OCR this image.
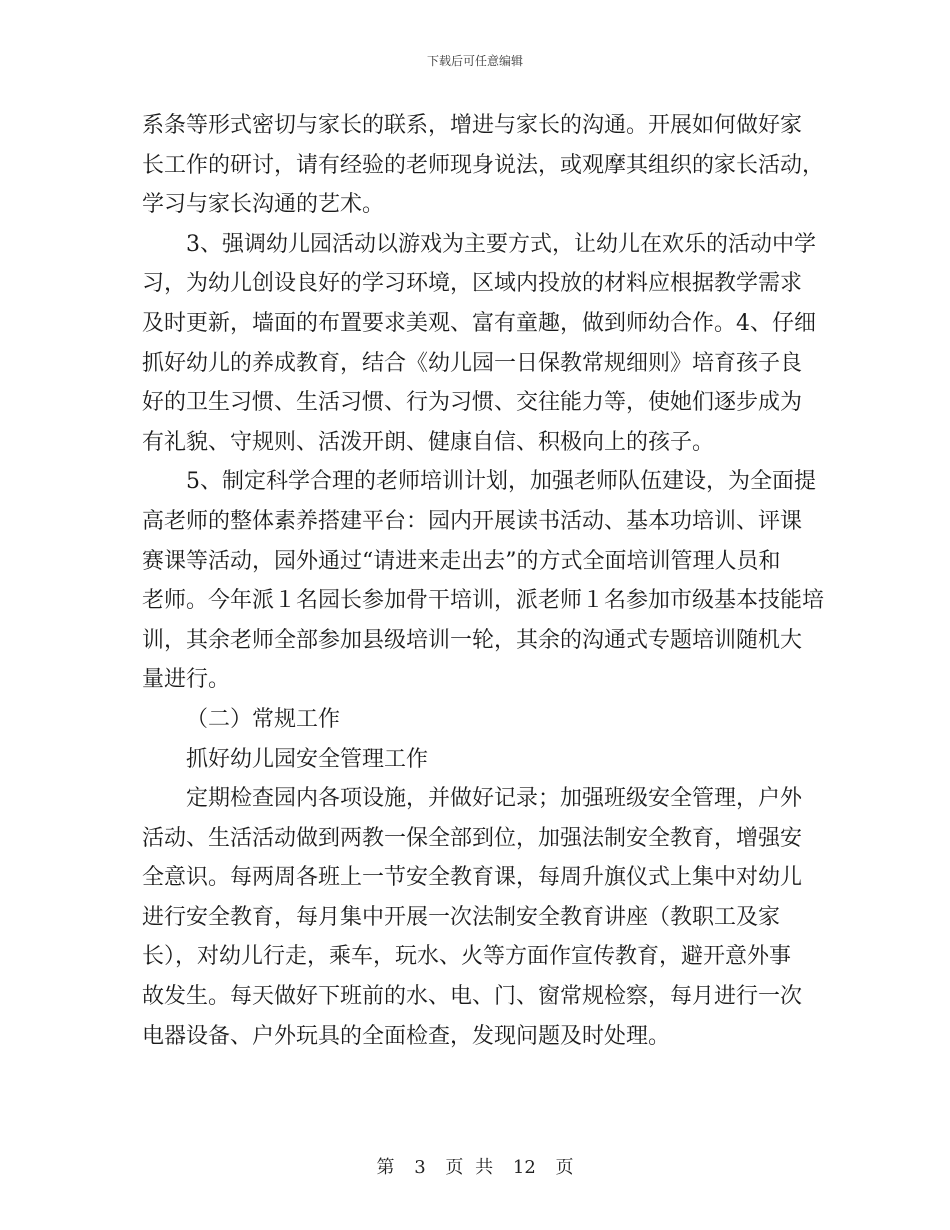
下载后可任意编辑
系条等形式密切与家长的联系，增进与家长的沟通。开展如何做好家
长工作的研讨，请有经验的老师现身说法，或观摩其组织的家长活动，
学习与家长沟通的艺术。
3、强调幼儿园活动以游戏为主要方式，让幼儿在欢乐的活动中学
习，为幼儿创设良好的学习环境，区域内投放的材料应根据教学需求
及时更新，墙面的布置要求美观、富有童趣，做到师幼合作。4、仔细
抓好幼儿的养成教育，结合《幼儿园一日保教常规细则》培育孩子良
好的卫生习惯、生活习惯、行为习惯、交往能力等，使她们逐步成为
有礼貌、守规则、活泼开朗、健康自信、积极向上的孩子。
5、制定科学合理的老师培训计划，加强老师队伍建设，为全面提
高老师的整体素养搭建平台：园内开展读书活动、基本功培训、评课
赛课等活动，园外通过“请进来走出去”的方式全面培训管理人员和
老师。今年派１名园长参加骨干培训，派老师１名参加市级基本技能培
训，其余老师全部参加县级培训一轮，其余的沟通式专题培训随机大
量进行。
（二）常规工作
抓好幼儿园安全管理工作
定期检查园内各项设施，并做好记录；加强班级安全管理，户外
活动、生活活动做到两教一保全部到位，加强法制安全教育，增强安
全意识。每两周各班上一节安全教育课，每周升旗仪式上集中对幼儿
进行安全教育，每月集中开展一次法制安全教育讲座（教职工及家
长），对幼儿行走，乘车，玩水、火等方面作宣传教育，避开意外事
故发生。每天做好下班前的水、电、门、窗常规检察，每月进行一次
电器设备、户外玩具的全面检查，发现问题及时处理。
第 3 页 共 12 页
